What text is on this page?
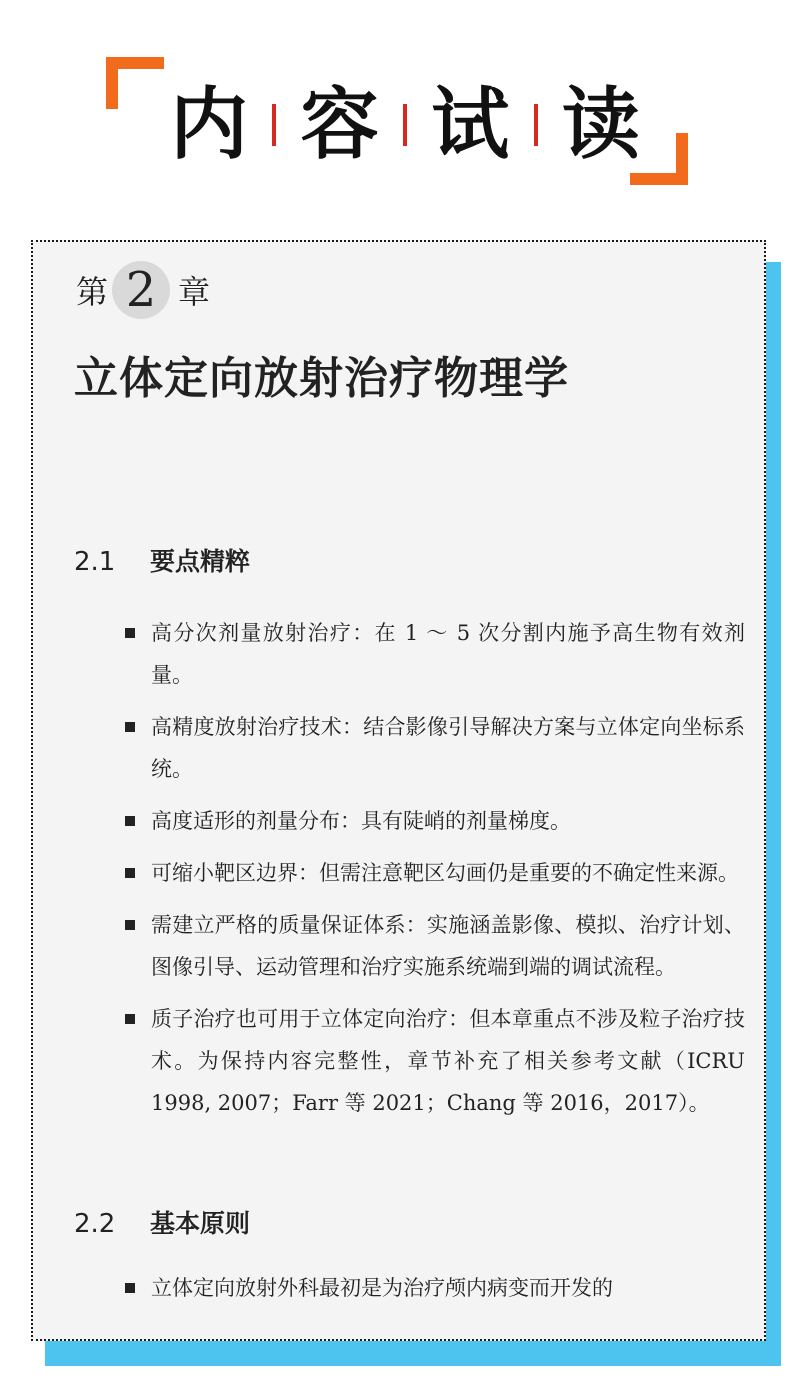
内 容 试 读
第 2 章
立体定向放射治疗物理学
2.1	要点精粹
高分次剂量放射治疗：在 1 ～ 5 次分割内施予高生物有效剂量。
高精度放射治疗技术：结合影像引导解决方案与立体定向坐标系统。
高度适形的剂量分布：具有陡峭的剂量梯度。
可缩小靶区边界：但需注意靶区勾画仍是重要的不确定性来源。
需建立严格的质量保证体系：实施涵盖影像、模拟、治疗计划、图像引导、运动管理和治疗实施系统端到端的调试流程。
质子治疗也可用于立体定向治疗：但本章重点不涉及粒子治疗技术。为保持内容完整性，章节补充了相关参考文献（ICRU 1998, 2007；Farr 等 2021；Chang 等 2016，2017）。
2.2	基本原则
立体定向放射外科最初是为治疗颅内病变而开发的
